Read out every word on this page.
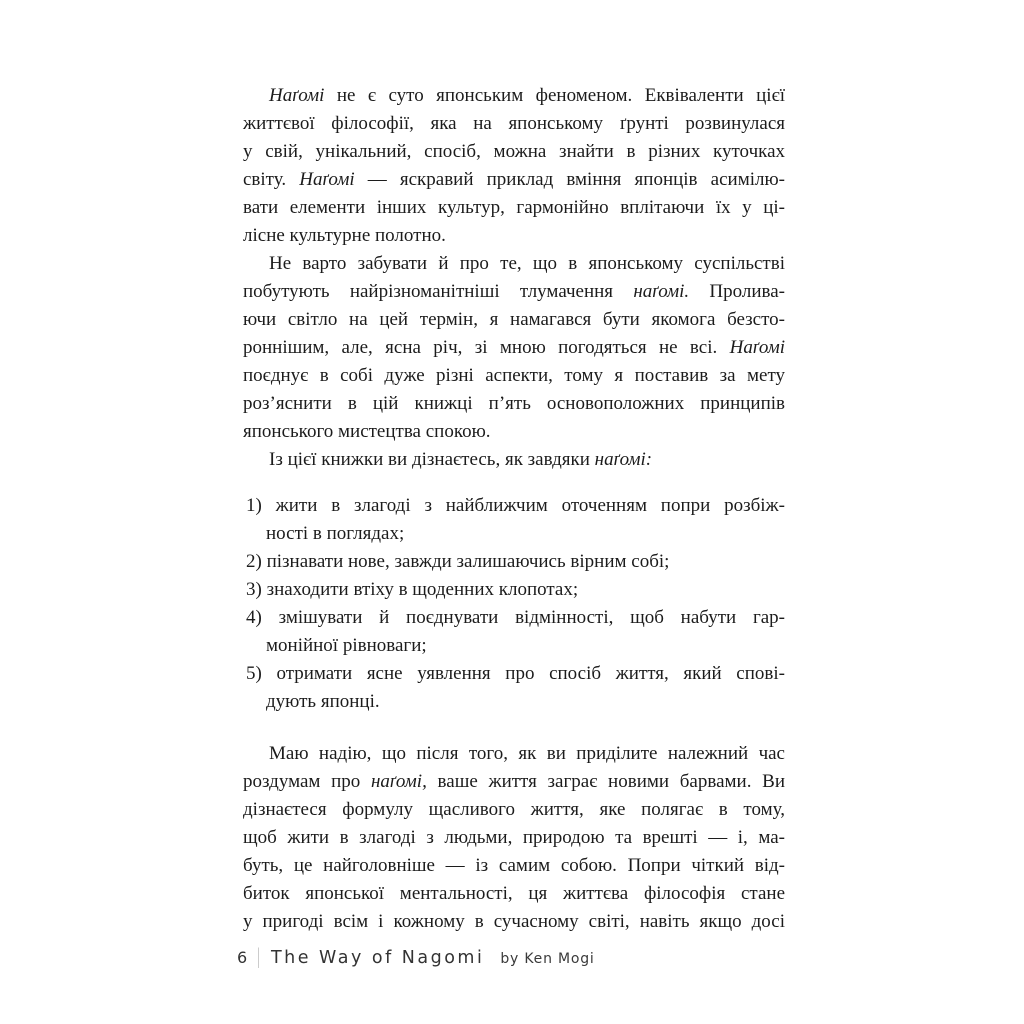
Наґомі не є суто японським феноменом. Еквіваленти цієї
життєвої філософії, яка на японському ґрунті розвинулася
у свій, унікальний, спосіб, можна знайти в різних куточках
світу. Наґомі — яскравий приклад вміння японців асимілю-
вати елементи інших культур, гармонійно вплітаючи їх у ці-
лісне культурне полотно.
Не варто забувати й про те, що в японському суспільстві
побутують найрізноманітніші тлумачення наґомі. Пролива-
ючи світло на цей термін, я намагався бути якомога безсто-
роннішим, але, ясна річ, зі мною погодяться не всі. Наґомі
поєднує в собі дуже різні аспекти, тому я поставив за мету
роз’яснити в цій книжці п’ять основоположних принципів
японського мистецтва спокою.
Із цієї книжки ви дізнаєтесь, як завдяки наґомі:
1) жити в злагоді з найближчим оточенням попри розбіж-
ності в поглядах;
2) пізнавати нове, завжди залишаючись вірним собі;
3) знаходити втіху в щоденних клопотах;
4) змішувати й поєднувати відмінності, щоб набути гар-
монійної рівноваги;
5) отримати ясне уявлення про спосіб життя, який спові-
дують японці.
Маю надію, що після того, як ви приділите належний час
роздумам про наґомі, ваше життя заграє новими барвами. Ви
дізнаєтеся формулу щасливого життя, яке полягає в тому,
щоб жити в злагоді з людьми, природою та врешті — і, ма-
буть, це найголовніше — із самим собою. Попри чіткий від-
биток японської ментальності, ця життєва філософія стане
у пригоді всім і кожному в сучасному світі, навіть якщо досі
6 | The Way of Nagomi by Ken Mogi
